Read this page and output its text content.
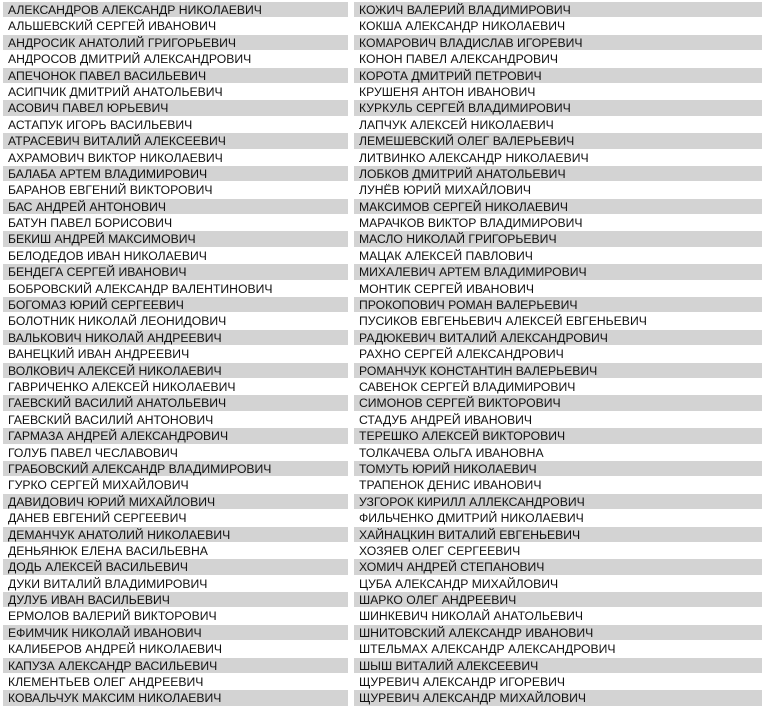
АЛЕКСАНДРОВ АЛЕКСАНДР НИКОЛАЕВИЧ
АЛЬШЕВСКИЙ СЕРГЕЙ ИВАНОВИЧ
АНДРОСИК АНАТОЛИЙ ГРИГОРЬЕВИЧ
АНДРОСОВ ДМИТРИЙ АЛЕКСАНДРОВИЧ
АПЕЧОНОК ПАВЕЛ ВАСИЛЬЕВИЧ
АСИПЧИК ДМИТРИЙ АНАТОЛЬЕВИЧ
АСОВИЧ ПАВЕЛ ЮРЬЕВИЧ
АСТАПУК ИГОРЬ ВАСИЛЬЕВИЧ
АТРАСЕВИЧ ВИТАЛИЙ АЛЕКСЕЕВИЧ
АХРАМОВИЧ ВИКТОР НИКОЛАЕВИЧ
БАЛАБА АРТЕМ ВЛАДИМИРОВИЧ
БАРАНОВ ЕВГЕНИЙ ВИКТОРОВИЧ
БАС АНДРЕЙ АНТОНОВИЧ
БАТУН ПАВЕЛ БОРИСОВИЧ
БЕКИШ АНДРЕЙ МАКСИМОВИЧ
БЕЛОДЕДОВ ИВАН НИКОЛАЕВИЧ
БЕНДЕГА СЕРГЕЙ ИВАНОВИЧ
БОБРОВСКИЙ АЛЕКСАНДР ВАЛЕНТИНОВИЧ
БОГОМАЗ ЮРИЙ СЕРГЕЕВИЧ
БОЛОТНИК НИКОЛАЙ ЛЕОНИДОВИЧ
ВАЛЬКОВИЧ НИКОЛАЙ АНДРЕЕВИЧ
ВАНЕЦКИЙ ИВАН АНДРЕЕВИЧ
ВОЛКОВИЧ АЛЕКСЕЙ НИКОЛАЕВИЧ
ГАВРИЧЕНКО АЛЕКСЕЙ НИКОЛАЕВИЧ
ГАЕВСКИЙ ВАСИЛИЙ АНАТОЛЬЕВИЧ
ГАЕВСКИЙ ВАСИЛИЙ АНТОНОВИЧ
ГАРМАЗА АНДРЕЙ АЛЕКСАНДРОВИЧ
ГОЛУБ ПАВЕЛ ЧЕСЛАВОВИЧ
ГРАБОВСКИЙ АЛЕКСАНДР ВЛАДИМИРОВИЧ
ГУРКО СЕРГЕЙ МИХАЙЛОВИЧ
ДАВИДОВИЧ ЮРИЙ МИХАЙЛОВИЧ
ДАНЕВ ЕВГЕНИЙ СЕРГЕЕВИЧ
ДЕМАНЧУК АНАТОЛИЙ НИКОЛАЕВИЧ
ДЕНЬЯНЮК ЕЛЕНА ВАСИЛЬЕВНА
ДОДЬ АЛЕКСЕЙ ВАСИЛЬЕВИЧ
ДУКИ ВИТАЛИЙ ВЛАДИМИРОВИЧ
ДУЛУБ ИВАН ВАСИЛЬЕВИЧ
ЕРМОЛОВ ВАЛЕРИЙ ВИКТОРОВИЧ
ЕФИМЧИК НИКОЛАЙ ИВАНОВИЧ
КАЛИБЕРОВ АНДРЕЙ НИКОЛАЕВИЧ
КАПУЗА АЛЕКСАНДР ВАСИЛЬЕВИЧ
КЛЕМЕНТЬЕВ ОЛЕГ АНДРЕЕВИЧ
КОВАЛЬЧУК МАКСИМ НИКОЛАЕВИЧ
КОЖИЧ ВАЛЕРИЙ ВЛАДИМИРОВИЧ
КОКША АЛЕКСАНДР НИКОЛАЕВИЧ
КОМАРОВИЧ ВЛАДИСЛАВ ИГОРЕВИЧ
КОНОН ПАВЕЛ АЛЕКСАНДРОВИЧ
КОРОТА ДМИТРИЙ ПЕТРОВИЧ
КРУШЕНЯ АНТОН ИВАНОВИЧ
КУРКУЛЬ СЕРГЕЙ ВЛАДИМИРОВИЧ
ЛАПЧУК АЛЕКСЕЙ НИКОЛАЕВИЧ
ЛЕМЕШЕВСКИЙ ОЛЕГ ВАЛЕРЬЕВИЧ
ЛИТВИНКО АЛЕКСАНДР НИКОЛАЕВИЧ
ЛОБКОВ ДМИТРИЙ АНАТОЛЬЕВИЧ
ЛУНЁВ ЮРИЙ МИХАЙЛОВИЧ
МАКСИМОВ СЕРГЕЙ НИКОЛАЕВИЧ
МАРАЧКОВ ВИКТОР ВЛАДИМИРОВИЧ
МАСЛО НИКОЛАЙ ГРИГОРЬЕВИЧ
МАЦАК АЛЕКСЕЙ ПАВЛОВИЧ
МИХАЛЕВИЧ АРТЕМ ВЛАДИМИРОВИЧ
МОНТИК СЕРГЕЙ ИВАНОВИЧ
ПРОКОПОВИЧ РОМАН ВАЛЕРЬЕВИЧ
ПУСИКОВ ЕВГЕНЬЕВИЧ АЛЕКСЕЙ ЕВГЕНЬЕВИЧ
РАДЮКЕВИЧ ВИТАЛИЙ АЛЕКСАНДРОВИЧ
РАХНО СЕРГЕЙ АЛЕКСАНДРОВИЧ
РОМАНЧУК КОНСТАНТИН ВАЛЕРЬЕВИЧ
САВЕНОК СЕРГЕЙ ВЛАДИМИРОВИЧ
СИМОНОВ СЕРГЕЙ ВИКТОРОВИЧ
СТАДУБ АНДРЕЙ ИВАНОВИЧ
ТЕРЕШКО АЛЕКСЕЙ ВИКТОРОВИЧ
ТОЛКАЧЕВА ОЛЬГА ИВАНОВНА
ТОМУТЬ ЮРИЙ НИКОЛАЕВИЧ
ТРАПЕНОК ДЕНИС ИВАНОВИЧ
УЗГОРОК КИРИЛЛ АЛЛЕКСАНДРОВИЧ
ФИЛЬЧЕНКО ДМИТРИЙ НИКОЛАЕВИЧ
ХАЙНАЦКИН ВИТАЛИЙ ЕВГЕНЬЕВИЧ
ХОЗЯЕВ ОЛЕГ СЕРГЕЕВИЧ
ХОМИЧ АНДРЕЙ СТЕПАНОВИЧ
ЦУБА АЛЕКСАНДР МИХАЙЛОВИЧ
ШАРКО ОЛЕГ АНДРЕЕВИЧ
ШИНКЕВИЧ НИКОЛАЙ АНАТОЛЬЕВИЧ
ШНИТОВСКИЙ АЛЕКСАНДР ИВАНОВИЧ
ШТЕЛЬМАХ АЛЕКСАНДР АЛЕКСАНДРОВИЧ
ШЫШ ВИТАЛИЙ АЛЕКСЕЕВИЧ
ЩУРЕВИЧ АЛЕКСАНДР ИГОРЕВИЧ
ЩУРЕВИЧ АЛЕКСАНДР МИХАЙЛОВИЧ
